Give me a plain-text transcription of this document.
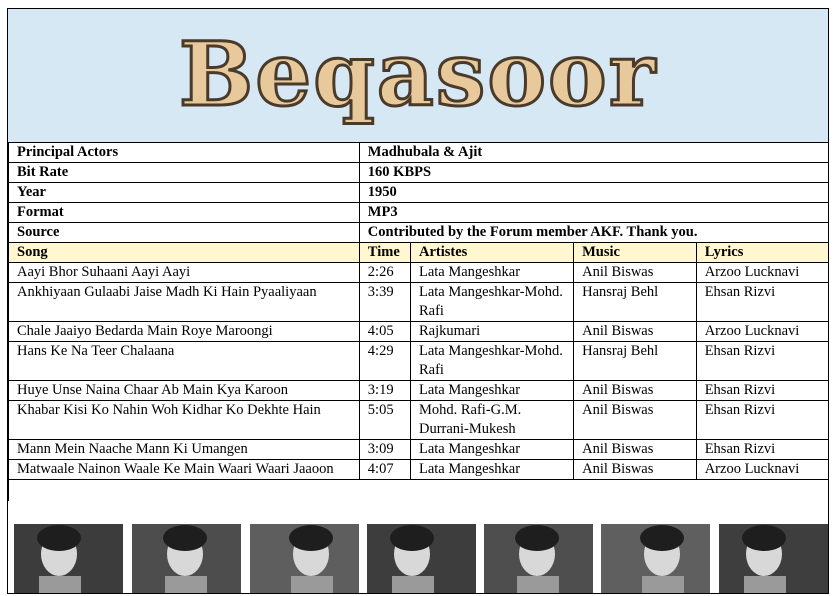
Beqasoor
Principal Actors	Madhubala & Ajit			
Bit Rate	160 KBPS			
Year	1950			
Format	MP3			
Source	Contributed by the Forum member AKF. Thank you.			
Song	Time	Artistes	Music	Lyrics
Aayi Bhor Suhaani Aayi Aayi	2:26	Lata Mangeshkar	Anil Biswas	Arzoo Lucknavi
Ankhiyaan Gulaabi Jaise Madh Ki Hain Pyaaliyaan	3:39	Lata Mangeshkar-Mohd. Rafi	Hansraj Behl	Ehsan Rizvi
Chale Jaaiyo Bedarda Main Roye Maroongi	4:05	Rajkumari	Anil Biswas	Arzoo Lucknavi
Hans Ke Na Teer Chalaana	4:29	Lata Mangeshkar-Mohd. Rafi	Hansraj Behl	Ehsan Rizvi
Huye Unse Naina Chaar Ab Main Kya Karoon	3:19	Lata Mangeshkar	Anil Biswas	Ehsan Rizvi
Khabar Kisi Ko Nahin Woh Kidhar Ko Dekhte Hain	5:05	Mohd. Rafi-G.M. Durrani-Mukesh	Anil Biswas	Ehsan Rizvi
Mann Mein Naache Mann Ki Umangen	3:09	Lata Mangeshkar	Anil Biswas	Ehsan Rizvi
Matwaale Nainon Waale Ke Main Waari Waari Jaaoon	4:07	Lata Mangeshkar	Anil Biswas	Arzoo Lucknavi
